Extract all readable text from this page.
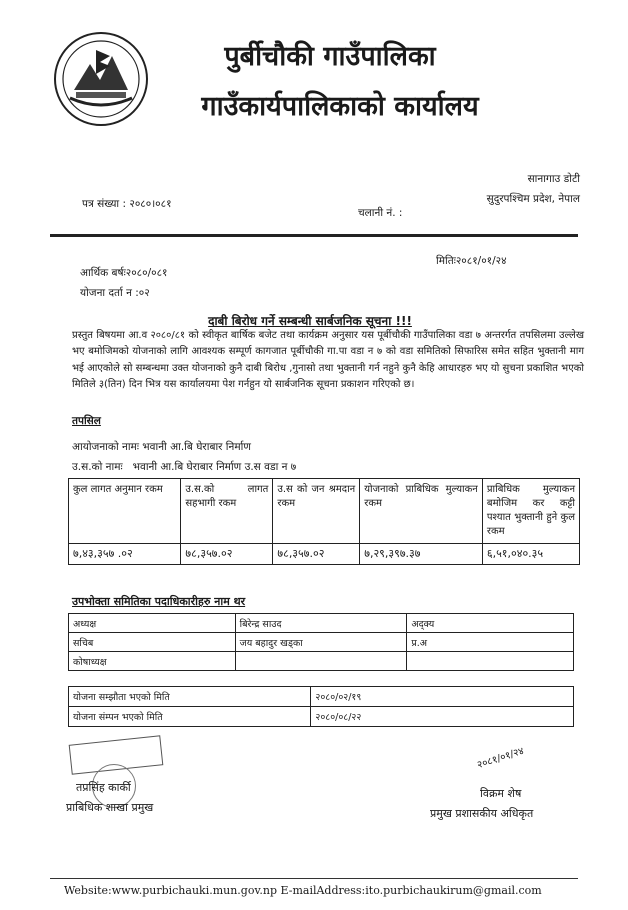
पुर्बीचौकी गाउँपालिका
गाउँकार्यपालिकाको कार्यालय
सानागाउ डोटी
सुदुरपश्चिम प्रदेश, नेपाल
पत्र संख्या : २०८०।०८१
चलानी नं. :
मितिः२०८१/०१/२४
आर्थिक बर्षः२०८०/०८१
योजना दर्ता न :०२
दाबी बिरोध गर्ने सम्बन्धी सार्बजनिक सूचना !!!
प्रस्तुत बिषयमा आ.व २०८०/८१ को स्वीकृत बार्षिक बजेट तथा कार्यक्रम अनुसार यस पूर्बीचौकी गाउँपालिका वडा ७ अन्तरर्गत तपसिलमा उल्लेख भए बमोजिमको योजनाको लागि आवश्यक सम्पूर्ण कागजात पूर्बीचौकी गा.पा वडा न ७ को वडा समितिको सिफारिस समेत सहित भुक्तानी माग भई आएकोले सो सम्बन्धमा उक्त योजनाको कुनै दाबी बिरोध ,गुनासो तथा भुक्तानी गर्न नहुने कुनै केहि आधारहरु भए यो सुचना प्रकाशित भएको मितिले ३(तिन) दिन भित्र यस कार्यालयमा पेश गर्नहुन यो सार्बजनिक सूचना प्रकाशन गरिएको छ।
तपसिल
आयोजनाको नामः भवानी आ.बि घेराबार निर्माण
उ.स.को नामः   भवानी आ.बि घेराबार निर्माण उ.स वडा न ७
कुल लागत अनुमान रकम	उ.स.को लागत सहभागी रकम	उ.स को जन श्रमदान रकम	योजनाको प्राबिधिक मुल्याकन रकम	प्राबिधिक मुल्याकन बमोजिम कर कट्टी पश्यात भुक्तानी हुने कुल रकम
७,४३,३५७ .०२	७८,३५७.०२	७८,३५७.०२	७,२९,३९७.३७	६,५१,०४०.३५
उपभोक्ता समितिका पदाधिकारीहरु नाम थर
अध्यक्ष	बिरेन्द्र साउद	अद्क्य
सचिब	जय बहादुर खड्का	प्र.अ
कोषाध्यक्ष		
योजना सम्झौता भएको मिति	२०८०/०२/१९
योजना संम्पन भएको मिति	२०८०/०८/२२
तप्रसिंह कार्की
प्राबिधिक शाखा प्रमुख
२०८१/०१/२४
विक्रम शेष
प्रमुख प्रशासकीय अधिकृत
Website:www.purbichauki.mun.gov.np E-mailAddress:ito.purbichaukirum@gmail.com
